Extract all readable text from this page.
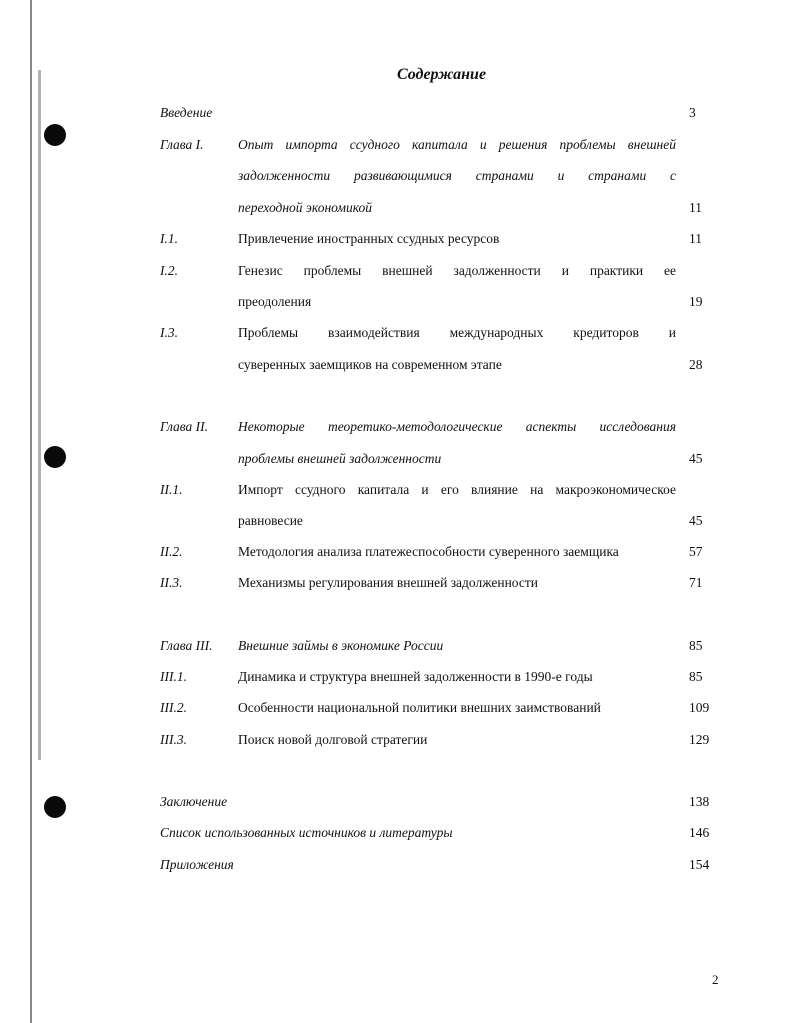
Содержание
Введение	3
Глава I.	Опыт импорта ссудного капитала и решения проблемы внешней
задолженности развивающимися странами и странами с
переходной экономикой	11
I.1.	Привлечение иностранных ссудных ресурсов	11
I.2.	Генезис проблемы внешней задолженности и практики ее
преодоления	19
I.3.	Проблемы взаимодействия международных кредиторов и
суверенных заемщиков на современном этапе	28
Глава II. Некоторые теоретико-методологические аспекты исследования
проблемы внешней задолженности	45
II.1.	Импорт ссудного капитала и его влияние на макроэкономическое
равновесие	45
II.2.	Методология анализа платежеспособности суверенного заемщика	57
II.3.	Механизмы регулирования внешней задолженности	71
Глава III. Внешние займы в экономике России	85
III.1.	Динамика и структура внешней задолженности в 1990-е годы	85
III.2.	Особенности национальной политики внешних заимствований	109
III.3.	Поиск новой долговой стратегии	129
Заключение	138
Список использованных источников и литературы	146
Приложения	154
2
